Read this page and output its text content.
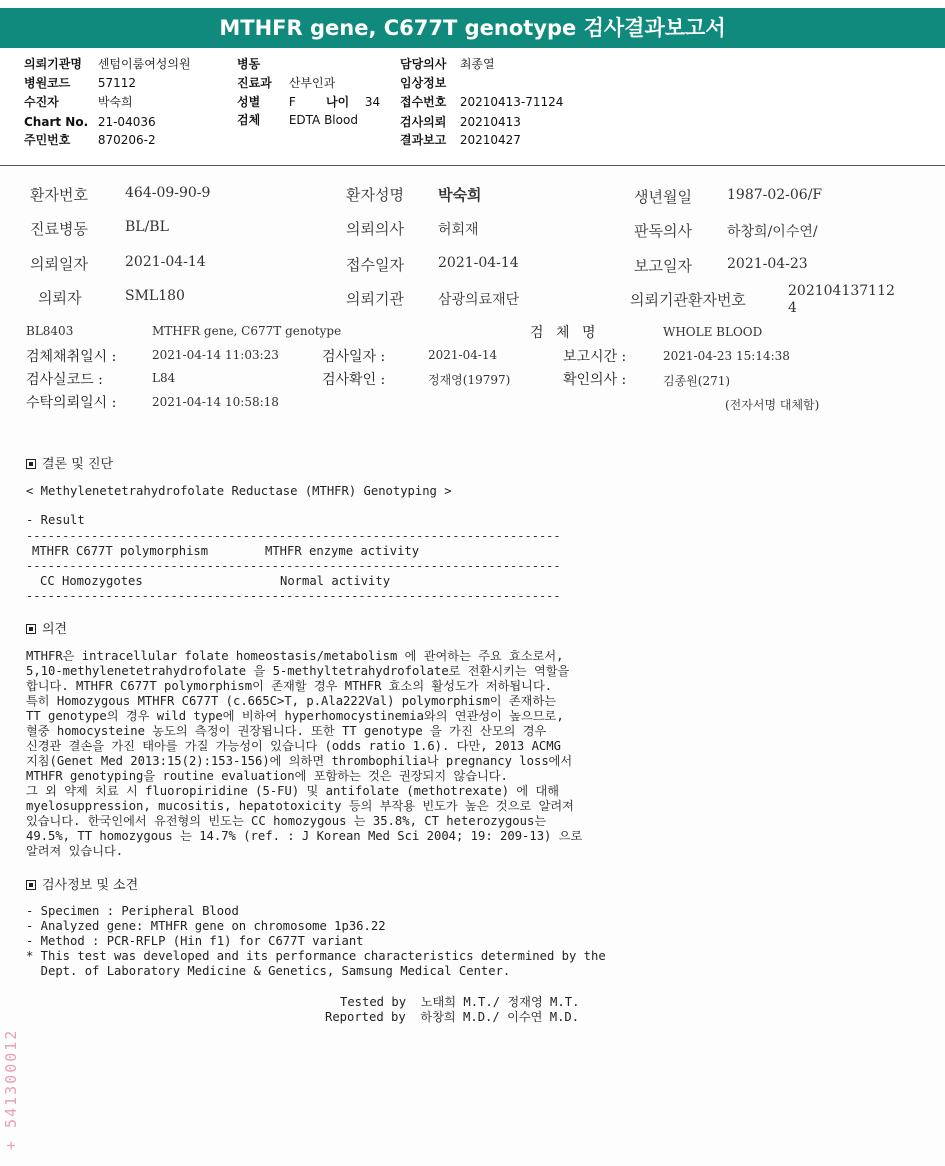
MTHFR gene, C677T genotype 검사결과보고서
의뢰기관명 센텀이룸여성의원
병원코드 57112
수진자	박숙희
Chart No. 21-04036
주민번호 870206-2
병동
진료과 산부인과
성별 F	나이 34
검체 EDTA Blood
담당의사 최종열
임상정보
접수번호 20210413-71124
검사의뢰 20210413
결과보고 20210427
환자번호	464-09-90-9	환자성명 박숙희	생년월일	1987-02-06/F
진료병동	BL/BL	의뢰의사 허회재	판독의사	하창희/이수연/
의뢰일자	2021-04-14	접수일자 2021-04-14	보고일자	2021-04-23
의뢰자	SML180	의뢰기관 삼광의료재단	의뢰기관환자번호	202104137112
4
BL8403	MTHFR gene, C677T genotype	검 체 명	WHOLE BLOOD
검체채취일시 :	2021-04-14 11:03:23	검사일자 :	2021-04-14	보고시간 :	2021-04-23 15:14:38
검사실코드 :	L84	검사확인 :	정재영(19797)	확인의사 :	김종원(271)
수탁의뢰일시 :	2021-04-14 10:58:18	(전자서명 대체함)
결론 및 진단
< Methylenetetrahydrofolate Reductase (MTHFR) Genotyping >
- Result
--------------------------------------------------------------------------
MTHFR C677T polymorphism	MTHFR enzyme activity
--------------------------------------------------------------------------
CC Homozygotes	Normal activity
--------------------------------------------------------------------------
의견
MTHFR은 intracellular folate homeostasis/metabolism 에 관여하는 주요 효소로서,
5,10-methylenetetrahydrofolate 을 5-methyltetrahydrofolate로 전환시키는 역할을
합니다. MTHFR C677T polymorphism이 존재할 경우 MTHFR 효소의 활성도가 저하됩니다.
특히 Homozygous MTHFR C677T (c.665C>T, p.Ala222Val) polymorphism이 존재하는
TT genotype의 경우 wild type에 비하여 hyperhomocystinemia와의 연관성이 높으므로,
혈중 homocysteine 농도의 측정이 권장됩니다. 또한 TT genotype 을 가진 산모의 경우
신경관 결손을 가진 태아를 가질 가능성이 있습니다 (odds ratio 1.6). 다만, 2013 ACMG
지침(Genet Med 2013:15(2):153-156)에 의하면 thrombophilia나 pregnancy loss에서
MTHFR genotyping을 routine evaluation에 포함하는 것은 권장되지 않습니다.
그 외 약제 치료 시 fluoropiridine (5-FU) 및 antifolate (methotrexate) 에 대해
myelosuppression, mucositis, hepatotoxicity 등의 부작용 빈도가 높은 것으로 알려져
있습니다. 한국인에서 유전형의 빈도는 CC homozygous 는 35.8%, CT heterozygous는
49.5%, TT homozygous 는 14.7% (ref. : J Korean Med Sci 2004; 19: 209-13) 으로
알려져 있습니다.
검사정보 및 소견
- Specimen : Peripheral Blood
- Analyzed gene: MTHFR gene on chromosome 1p36.22
- Method : PCR-RFLP (Hin f1) for C677T variant
* This test was developed and its performance characteristics determined by the
Dept. of Laboratory Medicine & Genetics, Samsung Medical Center.
Tested by  노태희 M.T./ 정재영 M.T.
Reported by  하창희 M.D./ 이수연 M.D.
+ 541300012
